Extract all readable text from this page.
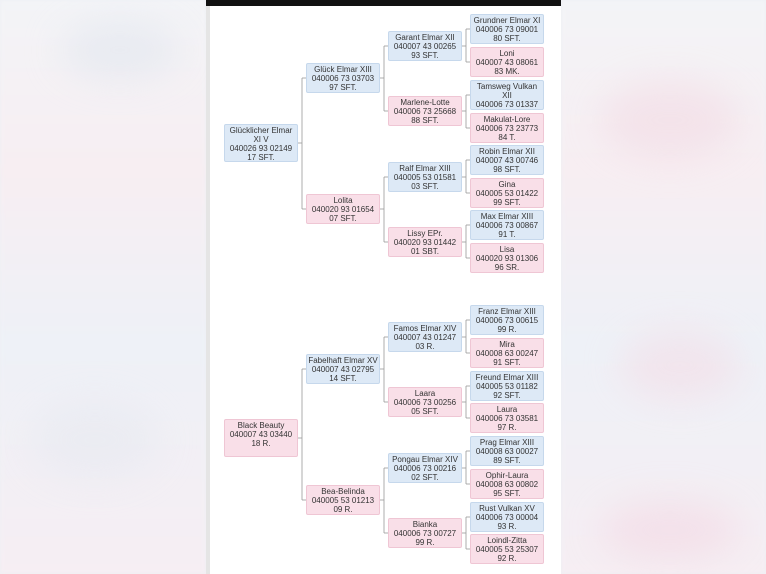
Glücklicher Elmar XI V
040026 93 02149 17 SFT.
Black Beauty
040007 43 03440 18 R.
Glück Elmar XIII
040006 73 03703 97 SFT.
Lolita
040020 93 01654 07 SFT.
Fabelhaft Elmar XV
040007 43 02795 14 SFT.
Bea-Belinda
040005 53 01213 09 R.
Garant Elmar XII
040007 43 00265 93 SFT.
Marlene-Lotte
040006 73 25668 88 SFT.
Ralf Elmar XIII
040005 53 01581 03 SFT.
Lissy EPr.
040020 93 01442 01 SBT.
Famos Elmar XIV
040007 43 01247 03 R.
Laara
040006 73 00256 05 SFT.
Pongau Elmar XIV
040006 73 00216 02 SFT.
Bianka
040006 73 00727 99 R.
Grundner Elmar XI
040006 73 09001 80 SFT.
Loni
040007 43 08061 83 MK.
Tamsweg Vulkan XII
040006 73 01337
Makulat-Lore
040006 73 23773 84 T.
Robin Elmar XII
040007 43 00746 98 SFT.
Gina
040005 53 01422 99 SFT.
Max Elmar XIII
040006 73 00867 91 T.
Lisa
040020 93 01306 96 SR.
Franz Elmar XIII
040006 73 00615 99 R.
Mira
040008 63 00247 91 SFT.
Freund Elmar XIII
040005 53 01182 92 SFT.
Laura
040006 73 03581 97 R.
Prag Elmar XIII
040008 63 00027 89 SFT.
Ophir-Laura
040008 63 00802 95 SFT.
Rust Vulkan XV
040006 73 00004 93 R.
Loindl-Zitta
040005 53 25307 92 R.
